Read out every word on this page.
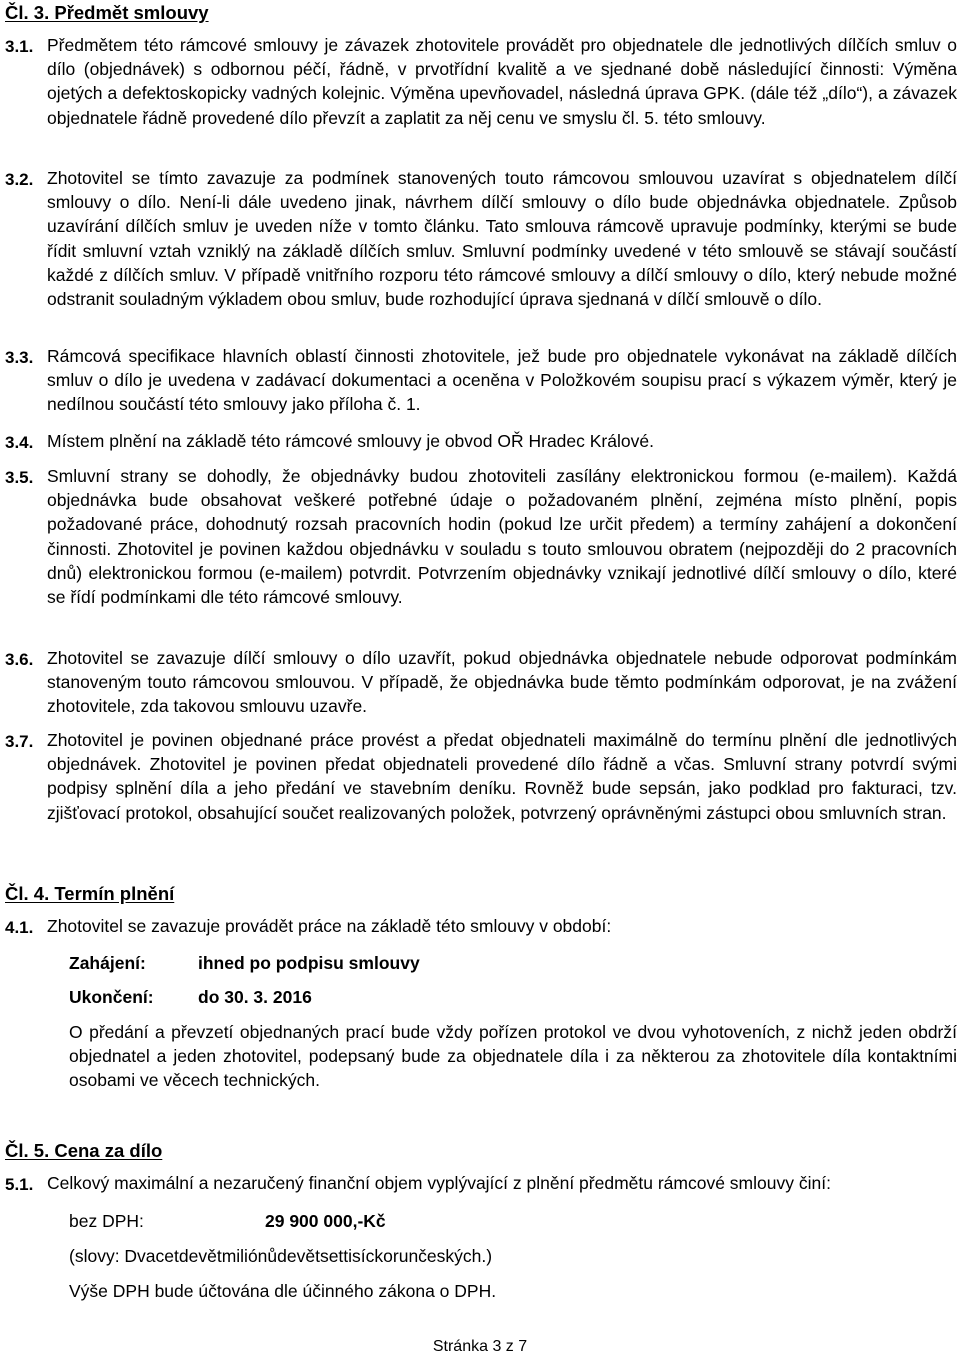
Čl. 3. Předmět smlouvy
3.1. Předmětem této rámcové smlouvy je závazek zhotovitele provádět pro objednatele dle jednotlivých dílčích smluv o dílo (objednávek) s odbornou péčí, řádně, v prvotřídní kvalitě a ve sjednané době následující činnosti: Výměna ojetých a defektoskopicky vadných kolejnic. Výměna upevňovadel, následná úprava GPK. (dále též „dílo“), a závazek objednatele řádně provedené dílo převzít a zaplatit za něj cenu ve smyslu čl. 5. této smlouvy.
3.2. Zhotovitel se tímto zavazuje za podmínek stanovených touto rámcovou smlouvou uzavírat s objednatelem dílčí smlouvy o dílo. Není-li dále uvedeno jinak, návrhem dílčí smlouvy o dílo bude objednávka objednatele. Způsob uzavírání dílčích smluv je uveden níže v tomto článku. Tato smlouva rámcově upravuje podmínky, kterými se bude řídit smluvní vztah vzniklý na základě dílčích smluv. Smluvní podmínky uvedené v této smlouvě se stávají součástí každé z dílčích smluv. V případě vnitřního rozporu této rámcové smlouvy a dílčí smlouvy o dílo, který nebude možné odstranit souladným výkladem obou smluv, bude rozhodující úprava sjednaná v dílčí smlouvě o dílo.
3.3. Rámcová specifikace hlavních oblastí činnosti zhotovitele, jež bude pro objednatele vykonávat na základě dílčích smluv o dílo je uvedena v zadávací dokumentaci a oceněna v Položkovém soupisu prací s výkazem výměr, který je nedílnou součástí této smlouvy jako příloha č. 1.
3.4. Místem plnění na základě této rámcové smlouvy je obvod OŘ Hradec Králové.
3.5. Smluvní strany se dohodly, že objednávky budou zhotoviteli zasílány elektronickou formou (e-mailem). Každá objednávka bude obsahovat veškeré potřebné údaje o požadovaném plnění, zejména místo plnění, popis požadované práce, dohodnutý rozsah pracovních hodin (pokud lze určit předem) a termíny zahájení a dokončení činnosti. Zhotovitel je povinen každou objednávku v souladu s touto smlouvou obratem (nejpozději do 2 pracovních dnů) elektronickou formou (e-mailem) potvrdit. Potvrzením objednávky vznikají jednotlivé dílčí smlouvy o dílo, které se řídí podmínkami dle této rámcové smlouvy.
3.6. Zhotovitel se zavazuje dílčí smlouvy o dílo uzavřít, pokud objednávka objednatele nebude odporovat podmínkám stanoveným touto rámcovou smlouvou. V případě, že objednávka bude těmto podmínkám odporovat, je na zvážení zhotovitele, zda takovou smlouvu uzavře.
3.7. Zhotovitel je povinen objednané práce provést a předat objednateli maximálně do termínu plnění dle jednotlivých objednávek. Zhotovitel je povinen předat objednateli provedené dílo řádně a včas. Smluvní strany potvrdí svými podpisy splnění díla a jeho předání ve stavebním deníku. Rovněž bude sepsán, jako podklad pro fakturaci, tzv. zjišťovací protokol, obsahující součet realizovaných položek, potvrzený oprávněnými zástupci obou smluvních stran.
Čl. 4. Termín plnění
4.1. Zhotovitel se zavazuje provádět práce na základě této smlouvy v období:
Zahájení:	ihned po podpisu smlouvy
Ukončení:	do 30. 3. 2016
O předání a převzetí objednaných prací bude vždy pořízen protokol ve dvou vyhotoveních, z nichž jeden obdrží objednatel a jeden zhotovitel, podepsaný bude za objednatele díla i za některou za zhotovitele díla kontaktními osobami ve věcech technických.
Čl. 5. Cena za dílo
5.1. Celkový maximální a nezaručený finanční objem vyplývající z plnění předmětu rámcové smlouvy činí:
bez DPH:	29 900 000,-Kč
(slovy: Dvacetdevětmiliónůdevětsettisíckorunčeských.)
Výše DPH bude účtována dle účinného zákona o DPH.
Stránka 3 z 7
